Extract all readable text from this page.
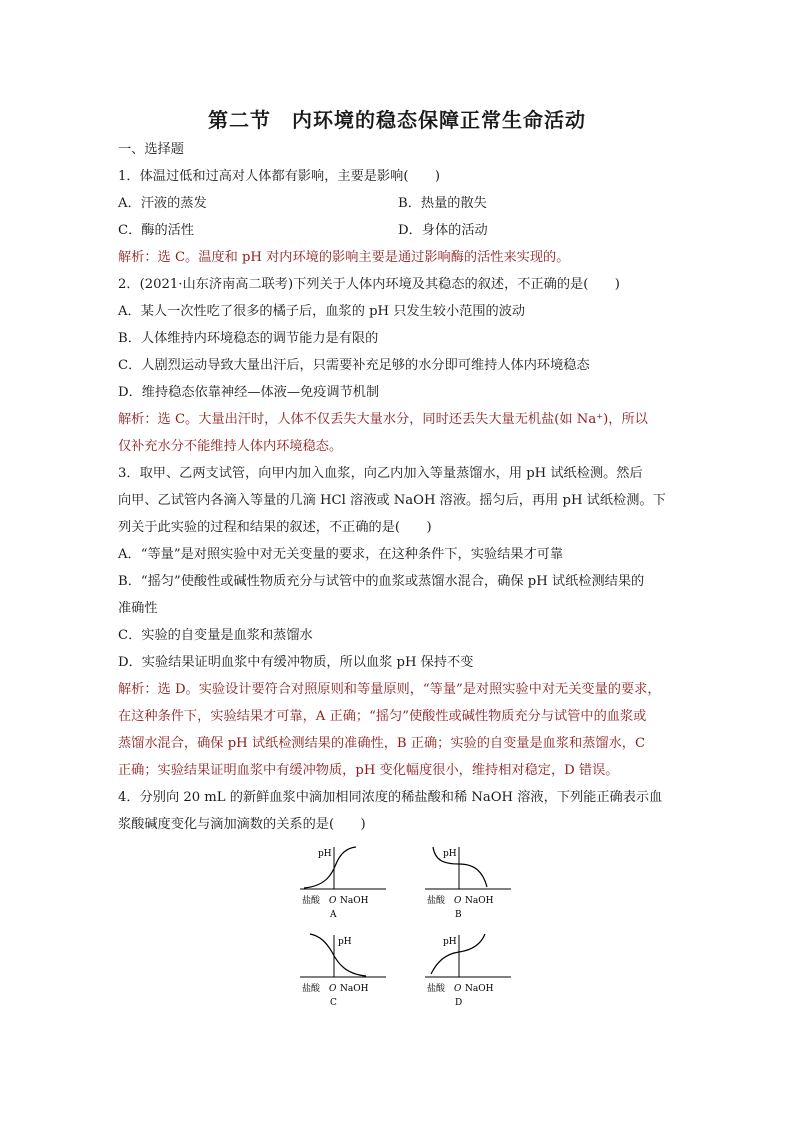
第二节　内环境的稳态保障正常生命活动
一、选择题
1．体温过低和过高对人体都有影响，主要是影响(　　)
A．汗液的蒸发	B．热量的散失
C．酶的活性	D．身体的活动
解析：选 C。温度和 pH 对内环境的影响主要是通过影响酶的活性来实现的。
2．(2021·山东济南高二联考)下列关于人体内环境及其稳态的叙述，不正确的是(　　)
A．某人一次性吃了很多的橘子后，血浆的 pH 只发生较小范围的波动
B．人体维持内环境稳态的调节能力是有限的
C．人剧烈运动导致大量出汗后，只需要补充足够的水分即可维持人体内环境稳态
D．维持稳态依靠神经—体液—免疫调节机制
解析：选 C。大量出汗时，人体不仅丢失大量水分，同时还丢失大量无机盐(如 Na⁺)，所以
仅补充水分不能维持人体内环境稳态。
3．取甲、乙两支试管，向甲内加入血浆，向乙内加入等量蒸馏水，用 pH 试纸检测。然后
向甲、乙试管内各滴入等量的几滴 HCl 溶液或 NaOH 溶液。摇匀后，再用 pH 试纸检测。下
列关于此实验的过程和结果的叙述，不正确的是(　　)
A．“等量”是对照实验中对无关变量的要求，在这种条件下，实验结果才可靠
B．“摇匀”使酸性或碱性物质充分与试管中的血浆或蒸馏水混合，确保 pH 试纸检测结果的
准确性
C．实验的自变量是血浆和蒸馏水
D．实验结果证明血浆中有缓冲物质，所以血浆 pH 保持不变
解析：选 D。实验设计要符合对照原则和等量原则，“等量”是对照实验中对无关变量的要求，
在这种条件下，实验结果才可靠，A 正确；“摇匀”使酸性或碱性物质充分与试管中的血浆或
蒸馏水混合，确保 pH 试纸检测结果的准确性，B 正确；实验的自变量是血浆和蒸馏水，C
正确；实验结果证明血浆中有缓冲物质，pH 变化幅度很小，维持相对稳定，D 错误。
4．分别向 20 mL 的新鲜血浆中滴加相同浓度的稀盐酸和稀 NaOH 溶液，下列能正确表示血
浆酸碱度变化与滴加滴数的关系的是(　　)
pH
盐酸 O NaOH
A
pH
盐酸 O NaOH
B
pH
盐酸 O NaOH
C
pH
盐酸 O NaOH
D
